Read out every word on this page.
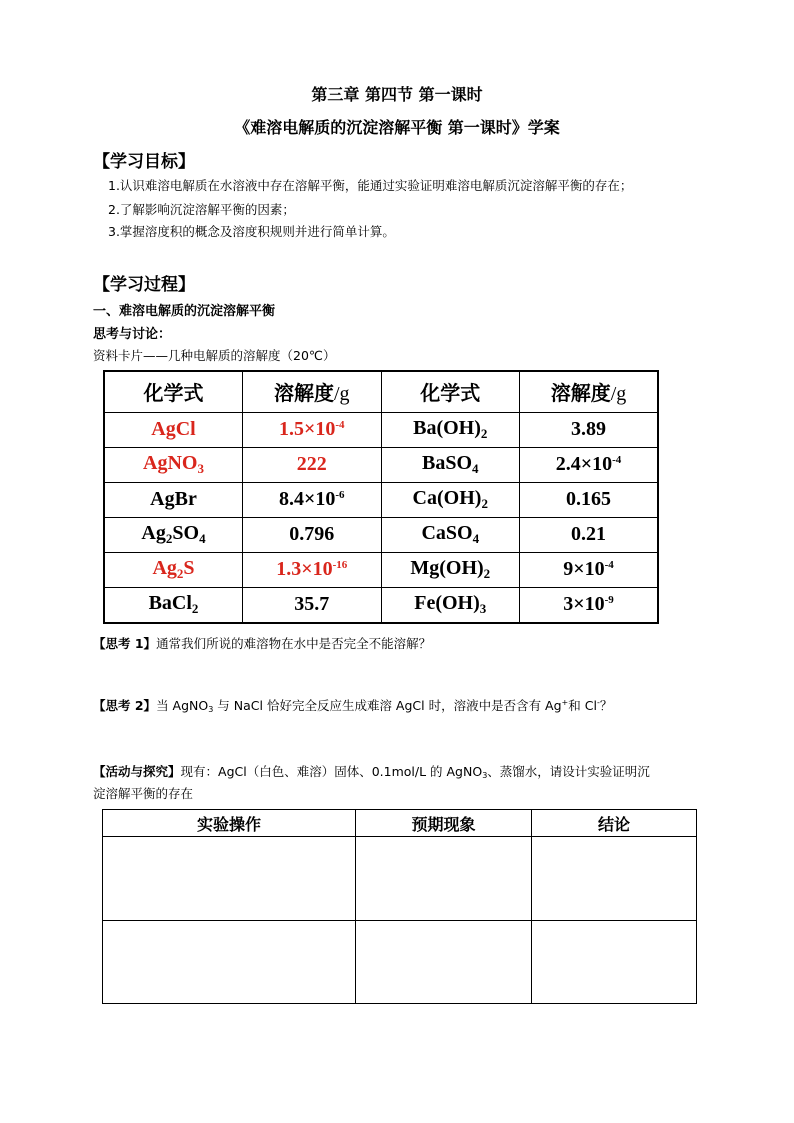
第三章 第四节 第一课时
《难溶电解质的沉淀溶解平衡 第一课时》学案
【学习目标】
1.认识难溶电解质在水溶液中存在溶解平衡，能通过实验证明难溶电解质沉淀溶解平衡的存在；
2.了解影响沉淀溶解平衡的因素；
3.掌握溶度积的概念及溶度积规则并进行简单计算。
【学习过程】
一、难溶电解质的沉淀溶解平衡
思考与讨论：
资料卡片——几种电解质的溶解度（20℃）
化学式	溶解度/g	化学式	溶解度/g
AgCl	$1.5\times 10^{-4}$	$Ba(OH)_2$	3.89
AgNO$_3$	222	BaSO$_4$	$2.4\times 10^{-4}$
AgBr	$8.4\times 10^{-6}$	$Ca(OH)_2$	0.165
$Ag_2SO_4$	0.796	CaSO$_4$	0.21
$Ag_2S$	$1.3\times 10^{-16}$	$Mg(OH)_2$	$9\times 10^{-4}$
BaCl$_2$	35.7	$Fe(OH)_3$	$3\times 10^{-9}$
【思考 1】通常我们所说的难溶物在水中是否完全不能溶解？
【思考 2】当 AgNO$_3$ 与 NaCl 恰好完全反应生成难溶 AgCl 时，溶液中是否含有 Ag+和 Cl-？
【活动与探究】现有：AgCl（白色、难溶）固体、0.1mol/L 的 AgNO$_3$、蒸馏水，请设计实验证明沉
淀溶解平衡的存在
实验操作	预期现象	结论
